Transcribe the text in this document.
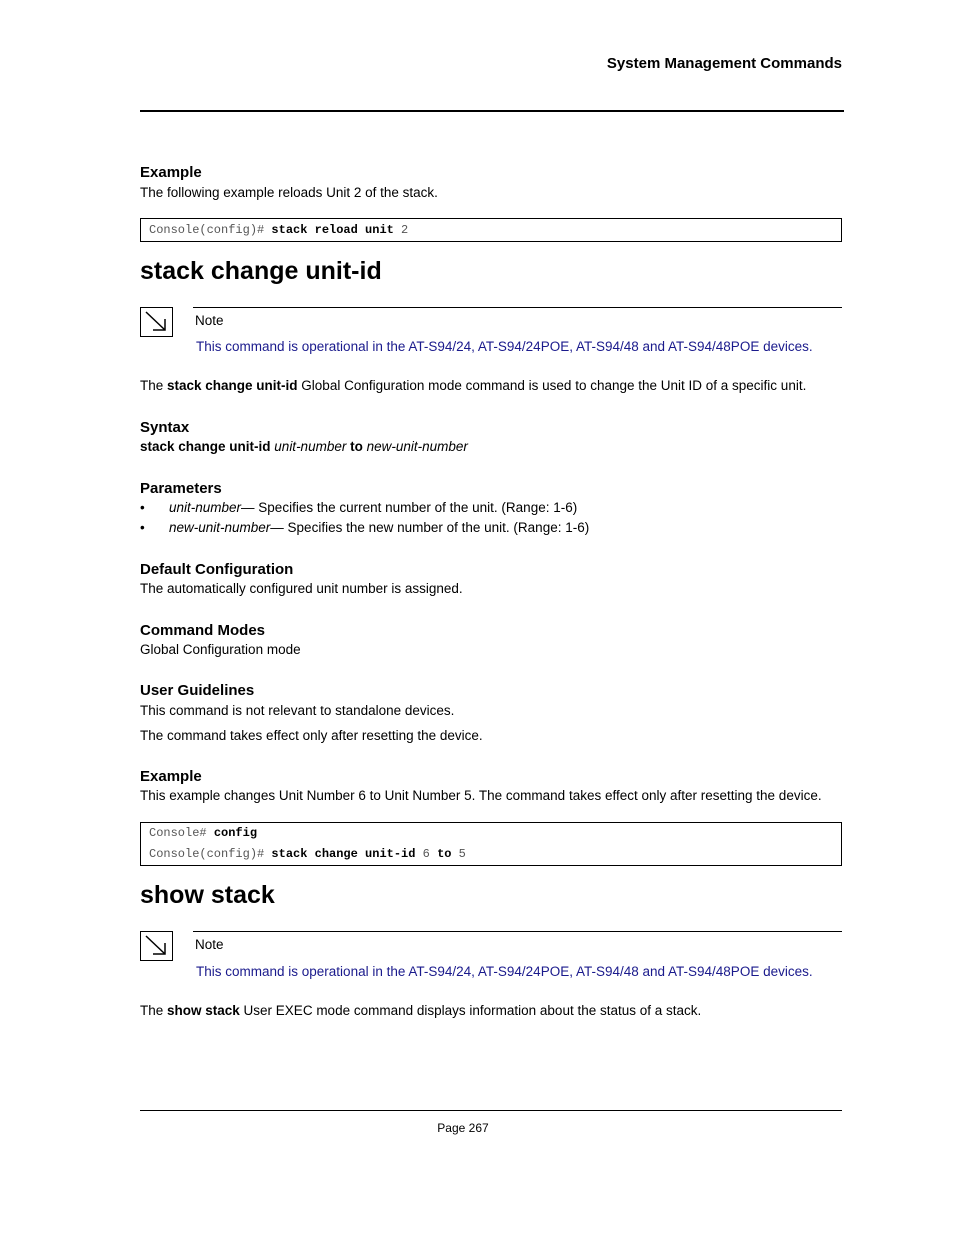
System Management Commands
Example
The following example reloads Unit 2 of the stack.
Console(config)# stack reload unit 2
stack change unit-id
Note
This command is operational in the AT-S94/24, AT-S94/24POE, AT-S94/48 and AT-S94/48POE devices.
The stack change unit-id Global Configuration mode command is used to change the Unit ID of a specific unit.
Syntax
stack change unit-id unit-number to new-unit-number
Parameters
• unit-number— Specifies the current number of the unit. (Range: 1-6)
• new-unit-number— Specifies the new number of the unit. (Range: 1-6)
Default Configuration
The automatically configured unit number is assigned.
Command Modes
Global Configuration mode
User Guidelines
This command is not relevant to standalone devices.
The command takes effect only after resetting the device.
Example
This example changes Unit Number 6 to Unit Number 5. The command takes effect only after resetting the device.
Console# config
Console(config)# stack change unit-id 6 to 5
show stack
Note
This command is operational in the AT-S94/24, AT-S94/24POE, AT-S94/48 and AT-S94/48POE devices.
The show stack User EXEC mode command displays information about the status of a stack.
Page 267
